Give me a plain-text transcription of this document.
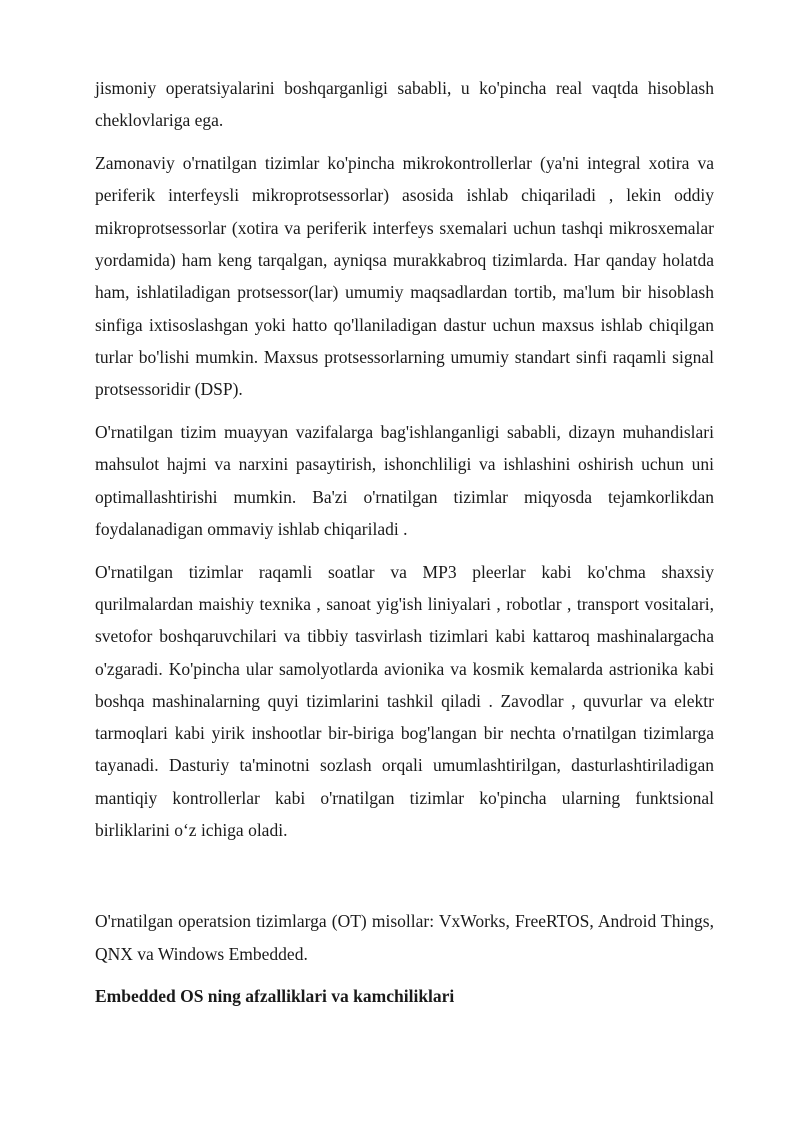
jismoniy operatsiyalarini boshqarganligi sababli, u ko'pincha real vaqtda hisoblash cheklovlariga ega.

Zamonaviy o'rnatilgan tizimlar ko'pincha mikrokontrollerlar (ya'ni integral xotira va periferik interfeysli mikroprotsessorlar) asosida ishlab chiqariladi , lekin oddiy mikroprotsessorlar (xotira va periferik interfeys sxemalari uchun tashqi mikrosxemalar yordamida) ham keng tarqalgan, ayniqsa murakkabroq tizimlarda. Har qanday holatda ham, ishlatiladigan protsessor(lar) umumiy maqsadlardan tortib, ma'lum bir hisoblash sinfiga ixtisoslashgan yoki hatto qo'llaniladigan dastur uchun maxsus ishlab chiqilgan turlar bo'lishi mumkin. Maxsus protsessorlarning umumiy standart sinfi raqamli signal protsessoridir (DSP).

O'rnatilgan tizim muayyan vazifalarga bag'ishlanganligi sababli, dizayn muhandislari mahsulot hajmi va narxini pasaytirish, ishonchliligi va ishlashini oshirish uchun uni optimallashtirishi mumkin. Ba'zi o'rnatilgan tizimlar miqyosda tejamkorlikdan foydalanadigan ommaviy ishlab chiqariladi .

O'rnatilgan tizimlar raqamli soatlar va MP3 pleerlar kabi ko'chma shaxsiy qurilmalardan maishiy texnika , sanoat yig'ish liniyalari , robotlar , transport vositalari, svetofor boshqaruvchilari va tibbiy tasvirlash tizimlari kabi kattaroq mashinalargacha o'zgaradi. Ko'pincha ular samolyotlarda avionika va kosmik kemalarda astrionika kabi boshqa mashinalarning quyi tizimlarini tashkil qiladi . Zavodlar , quvurlar va elektr tarmoqlari kabi yirik inshootlar bir-biriga bog'langan bir nechta o'rnatilgan tizimlarga tayanadi. Dasturiy ta'minotni sozlash orqali umumlashtirilgan, dasturlashtiriladigan mantiqiy kontrollerlar kabi o'rnatilgan tizimlar ko'pincha ularning funktsional birliklarini o‘z ichiga oladi.

O'rnatilgan operatsion tizimlarga (OT) misollar: VxWorks, FreeRTOS, Android Things, QNX va Windows Embedded.

Embedded OS ning afzalliklari va kamchiliklari
